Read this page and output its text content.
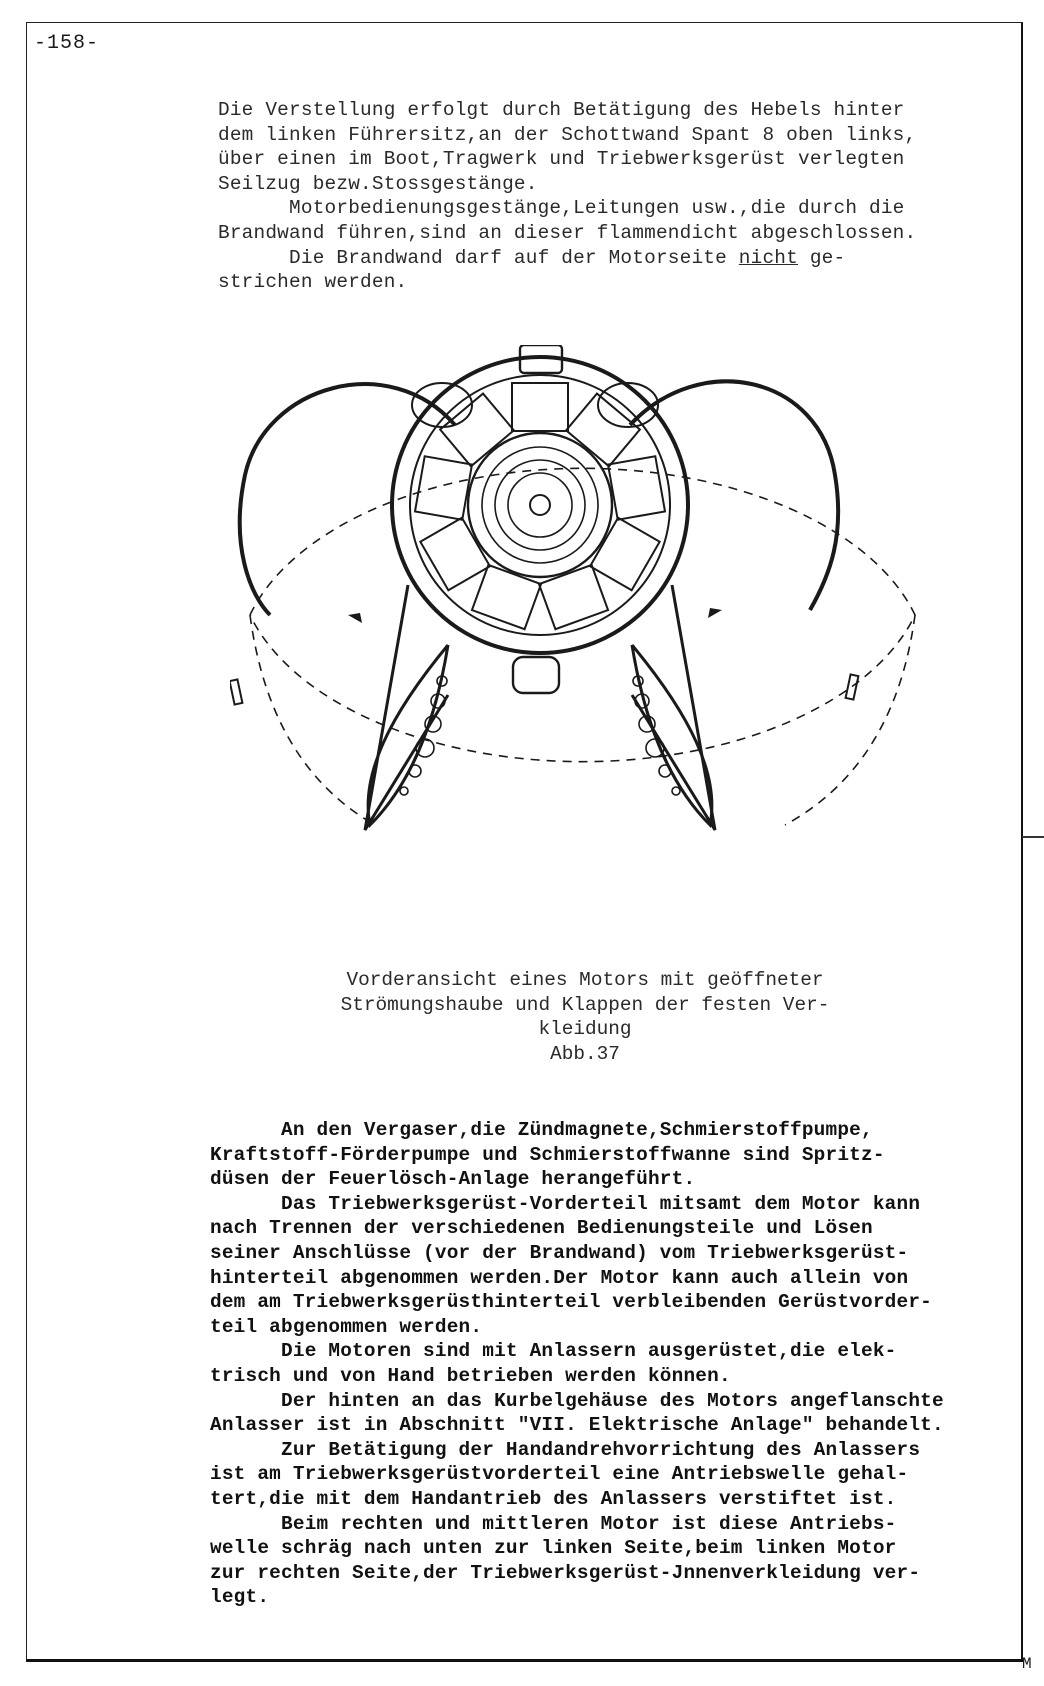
-158-
M
Die Verstellung erfolgt durch Betätigung des Hebels hinter
dem linken Führersitz,an der Schottwand Spant 8 oben links,
über einen im Boot,Tragwerk und Triebwerksgerüst verlegten
Seilzug bezw.Stossgestänge.
Motorbedienungsgestänge,Leitungen usw.,die durch die
Brandwand führen,sind an dieser flammendicht abgeschlossen.
Die Brandwand darf auf der Motorseite nicht ge-
strichen werden.
Vorderansicht eines Motors mit geöffneter
Strömungshaube und Klappen der festen Ver-
kleidung
Abb.37
An den Vergaser,die Zündmagnete,Schmierstoffpumpe,
Kraftstoff-Förderpumpe und Schmierstoffwanne sind Spritz-
düsen der Feuerlösch-Anlage herangeführt.
Das Triebwerksgerüst-Vorderteil mitsamt dem Motor kann
nach Trennen der verschiedenen Bedienungsteile und Lösen
seiner Anschlüsse (vor der Brandwand) vom Triebwerksgerüst-
hinterteil abgenommen werden.Der Motor kann auch allein von
dem am Triebwerksgerüsthinterteil verbleibenden Gerüstvorder-
teil abgenommen werden.
Die Motoren sind mit Anlassern ausgerüstet,die elek-
trisch und von Hand betrieben werden können.
Der hinten an das Kurbelgehäuse des Motors angeflanschte
Anlasser ist in Abschnitt "VII. Elektrische Anlage" behandelt.
Zur Betätigung der Handandrehvorrichtung des Anlassers
ist am Triebwerksgerüstvorderteil eine Antriebswelle gehal-
tert,die mit dem Handantrieb des Anlassers verstiftet ist.
Beim rechten und mittleren Motor ist diese Antriebs-
welle schräg nach unten zur linken Seite,beim linken Motor
zur rechten Seite,der Triebwerksgerüst-Jnnenverkleidung ver-
legt.
